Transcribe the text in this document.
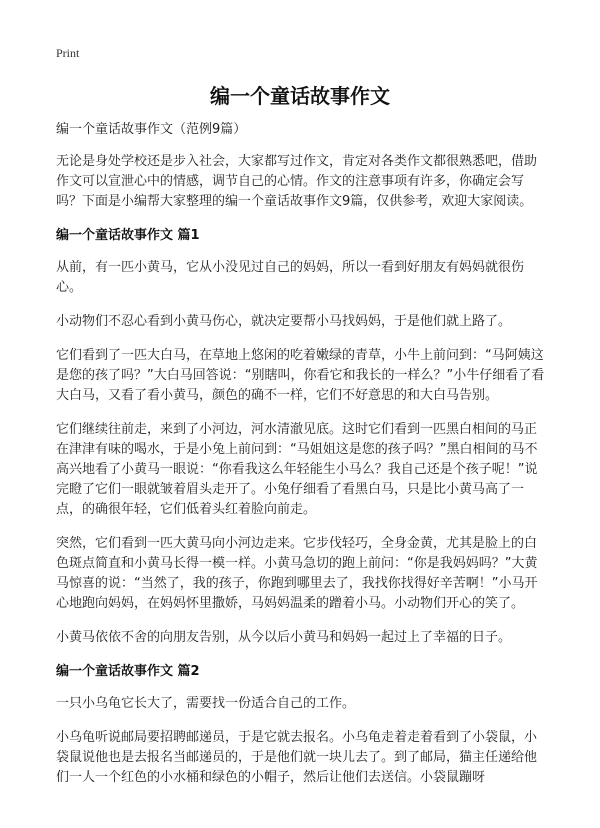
Print
编一个童话故事作文

编一个童话故事作文（范例9篇）

无论是身处学校还是步入社会，大家都写过作文，肯定对各类作文都很熟悉吧，借助作文可以宣泄心中的情感，调节自己的心情。作文的注意事项有许多，你确定会写吗？下面是小编帮大家整理的编一个童话故事作文9篇，仅供参考，欢迎大家阅读。

编一个童话故事作文 篇1

从前，有一匹小黄马，它从小没见过自己的妈妈，所以一看到好朋友有妈妈就很伤心。

小动物们不忍心看到小黄马伤心，就决定要帮小马找妈妈，于是他们就上路了。

它们看到了一匹大白马，在草地上悠闲的吃着嫩绿的青草，小牛上前问到：“马阿姨这是您的孩了吗？”大白马回答说：“别瞎叫，你看它和我长的一样么？”小牛仔细看了看大白马，又看了看小黄马，颜色的确不一样，它们不好意思的和大白马告别。

它们继续往前走，来到了小河边，河水清澈见底。这时它们看到一匹黑白相间的马正在津津有味的喝水，于是小兔上前问到：“马姐姐这是您的孩子吗？”黑白相间的马不高兴地看了小黄马一眼说：“你看我这么年轻能生小马么？我自己还是个孩子呢！”说完瞪了它们一眼就皱着眉头走开了。小兔仔细看了看黑白马，只是比小黄马高了一点，的确很年轻，它们低着头红着脸向前走。

突然，它们看到一匹大黄马向小河边走来。它步伐轻巧，全身金黄，尤其是脸上的白色斑点简直和小黄马长得一模一样。小黄马急切的跑上前问：“你是我妈妈吗？”大黄马惊喜的说：“当然了，我的孩子，你跑到哪里去了，我找你找得好辛苦啊！”小马开心地跑向妈妈，在妈妈怀里撒娇，马妈妈温柔的蹭着小马。小动物们开心的笑了。

小黄马依依不舍的向朋友告别，从今以后小黄马和妈妈一起过上了幸福的日子。

编一个童话故事作文 篇2

一只小乌龟它长大了，需要找一份适合自己的工作。

小乌龟听说邮局要招聘邮递员，于是它就去报名。小乌龟走着走着看到了小袋鼠，小袋鼠说他也是去报名当邮递员的，于是他们就一块儿去了。到了邮局，猫主任递给他们一人一个红色的小水桶和绿色的小帽子，然后让他们去送信。小袋鼠蹦呀
